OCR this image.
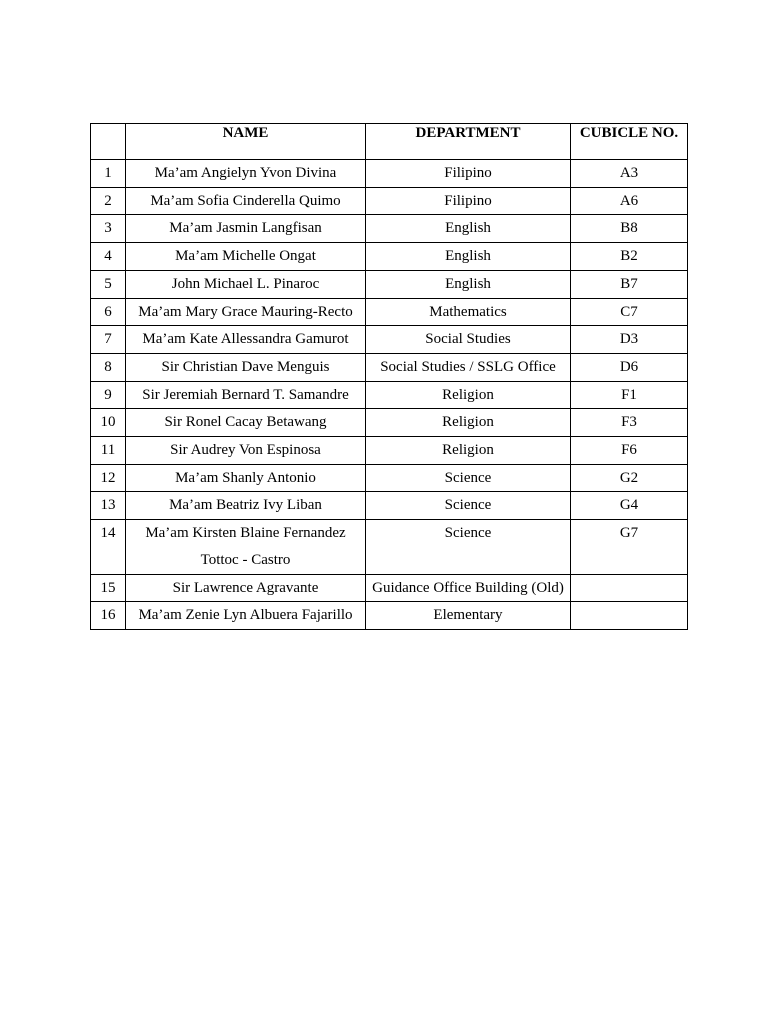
	NAME	DEPARTMENT	CUBICLE NO.
1	Ma’am Angielyn Yvon Divina	Filipino	A3
2	Ma’am Sofia Cinderella Quimo	Filipino	A6
3	Ma’am Jasmin Langfisan	English	B8
4	Ma’am Michelle Ongat	English	B2
5	John Michael L. Pinaroc	English	B7
6	Ma’am Mary Grace Mauring-Recto	Mathematics	C7
7	Ma’am Kate Allessandra Gamurot	Social Studies	D3
8	Sir Christian Dave Menguis	Social Studies / SSLG Office	D6
9	Sir Jeremiah Bernard T. Samandre	Religion	F1
10	Sir Ronel Cacay Betawang	Religion	F3
11	Sir Audrey Von Espinosa	Religion	F6
12	Ma’am Shanly Antonio	Science	G2
13	Ma’am Beatriz Ivy Liban	Science	G4
14	Ma’am Kirsten Blaine Fernandez Tottoc - Castro	Science	G7
15	Sir Lawrence Agravante	Guidance Office Building (Old)	
16	Ma’am Zenie Lyn Albuera Fajarillo	Elementary	
